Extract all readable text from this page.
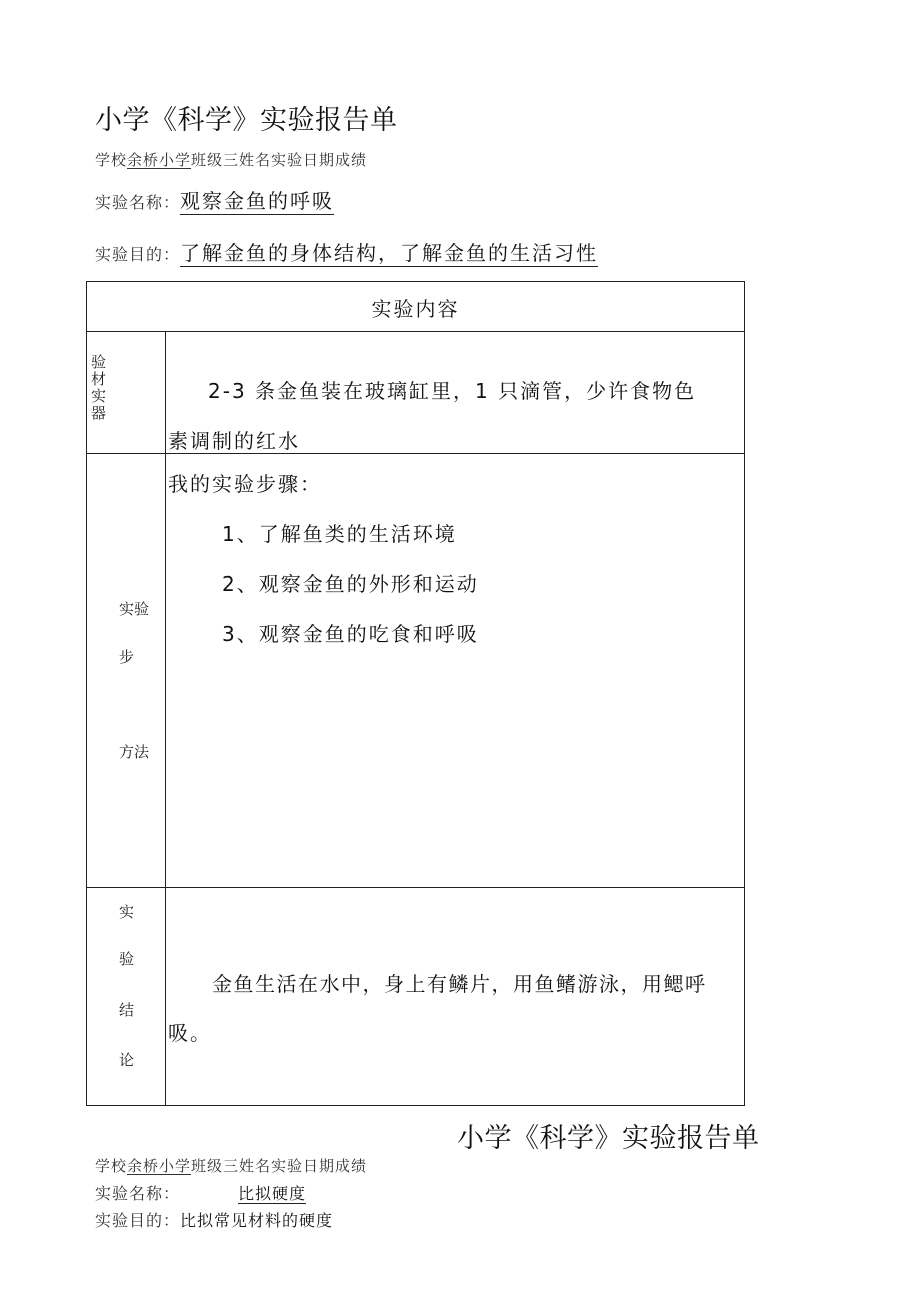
小学《科学》实验报告单
学校余桥小学班级三姓名实验日期成绩
实验名称：观察金鱼的呼吸
实验目的：了解金鱼的身体结构，了解金鱼的生活习性
实验内容
验
材
实
器
2-3 条金鱼装在玻璃缸里，1 只滴管，少许食物色
素调制的红水
实验
步
方法
我的实验步骤：
1、了解鱼类的生活环境
2、观察金鱼的外形和运动
3、观察金鱼的吃食和呼吸
实
验
结
论
金鱼生活在水中，身上有鳞片，用鱼鳍游泳，用鳃呼
吸。
小学《科学》实验报告单
学校余桥小学班级三姓名实验日期成绩
实验名称：	比拟硬度
实验目的：比拟常见材料的硬度
